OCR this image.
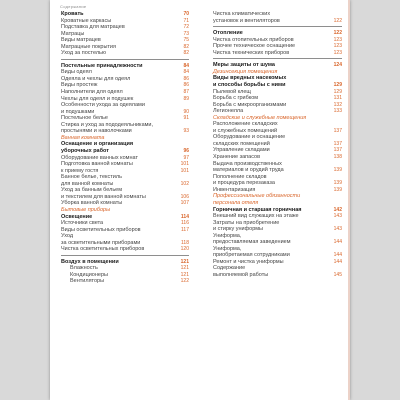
Содержание
Кровать	70
Кроватные каркасы	71
Подставка для матрацев	72
Матрацы	73
Виды матрацев	75
Матрацные покрытия	82
Уход за постелью	82
Постельные принадлежности	84
Виды одеял	84
Одеяла и чехлы для одеял	86
Виды простеж	86
Наполнители для одеял	87
Чехлы для одеял и подушек	89
Особенности ухода за одеялами
и подушками	90
Постельное белье	91
Стирка и уход за пододеяльниками,
простынями и наволочками	93
Ванная комната
Оснащение и организация
уборочных работ	96
Оборудование ванных комнат	97
Подготовка ванной комнаты	101
к приему гостя	101
Банное белье, текстиль
для ванной комнаты	102
Уход за банным бельем
и текстилем для ванной комнаты	106
Уборка ванной комнаты	107
Бытовые приборы
Освещение	114
Источники света	116
Виды осветительных приборов	117
Уход
за осветительными приборами	118
Чистка осветительных приборов	120
Воздух в помещении	121
Влажность	121
Кондиционеры	121
Вентиляторы	122
Чистка климатических
установок и вентиляторов	122
Отопление	122
Чистка отопительных приборов	123
Прочее техническое оснащение	123
Чистка технических приборов	123
Меры защиты от шума	124
Дезинсекция помещения
Виды вредных насекомых
и способы борьбы с ними	129
Пылевой клещ	129
Борьба с грибком	131
Борьба с микроорганизмами	132
Легионелла	133
Складские и служебные помещения
Расположение складских
и служебных помещений	137
Оборудование и оснащение
складских помещений	137
Управление складами	137
Хранение запасов	138
Выдача производственных
материалов и орудий труда	139
Пополнение складов
и процедура перезаказа	139
Инвентаризация	139
Профессиональные обязанности
персонала отеля
Горничная и старшая горничная	142
Внешний вид служащих на этаже	143
Затраты на приобретение
и стирку униформы	143
Униформа,
предоставляемая заведением	144
Униформа,
приобретаемая сотрудниками	144
Ремонт и чистка униформы	144
Содержание
выполняемой работы	145
